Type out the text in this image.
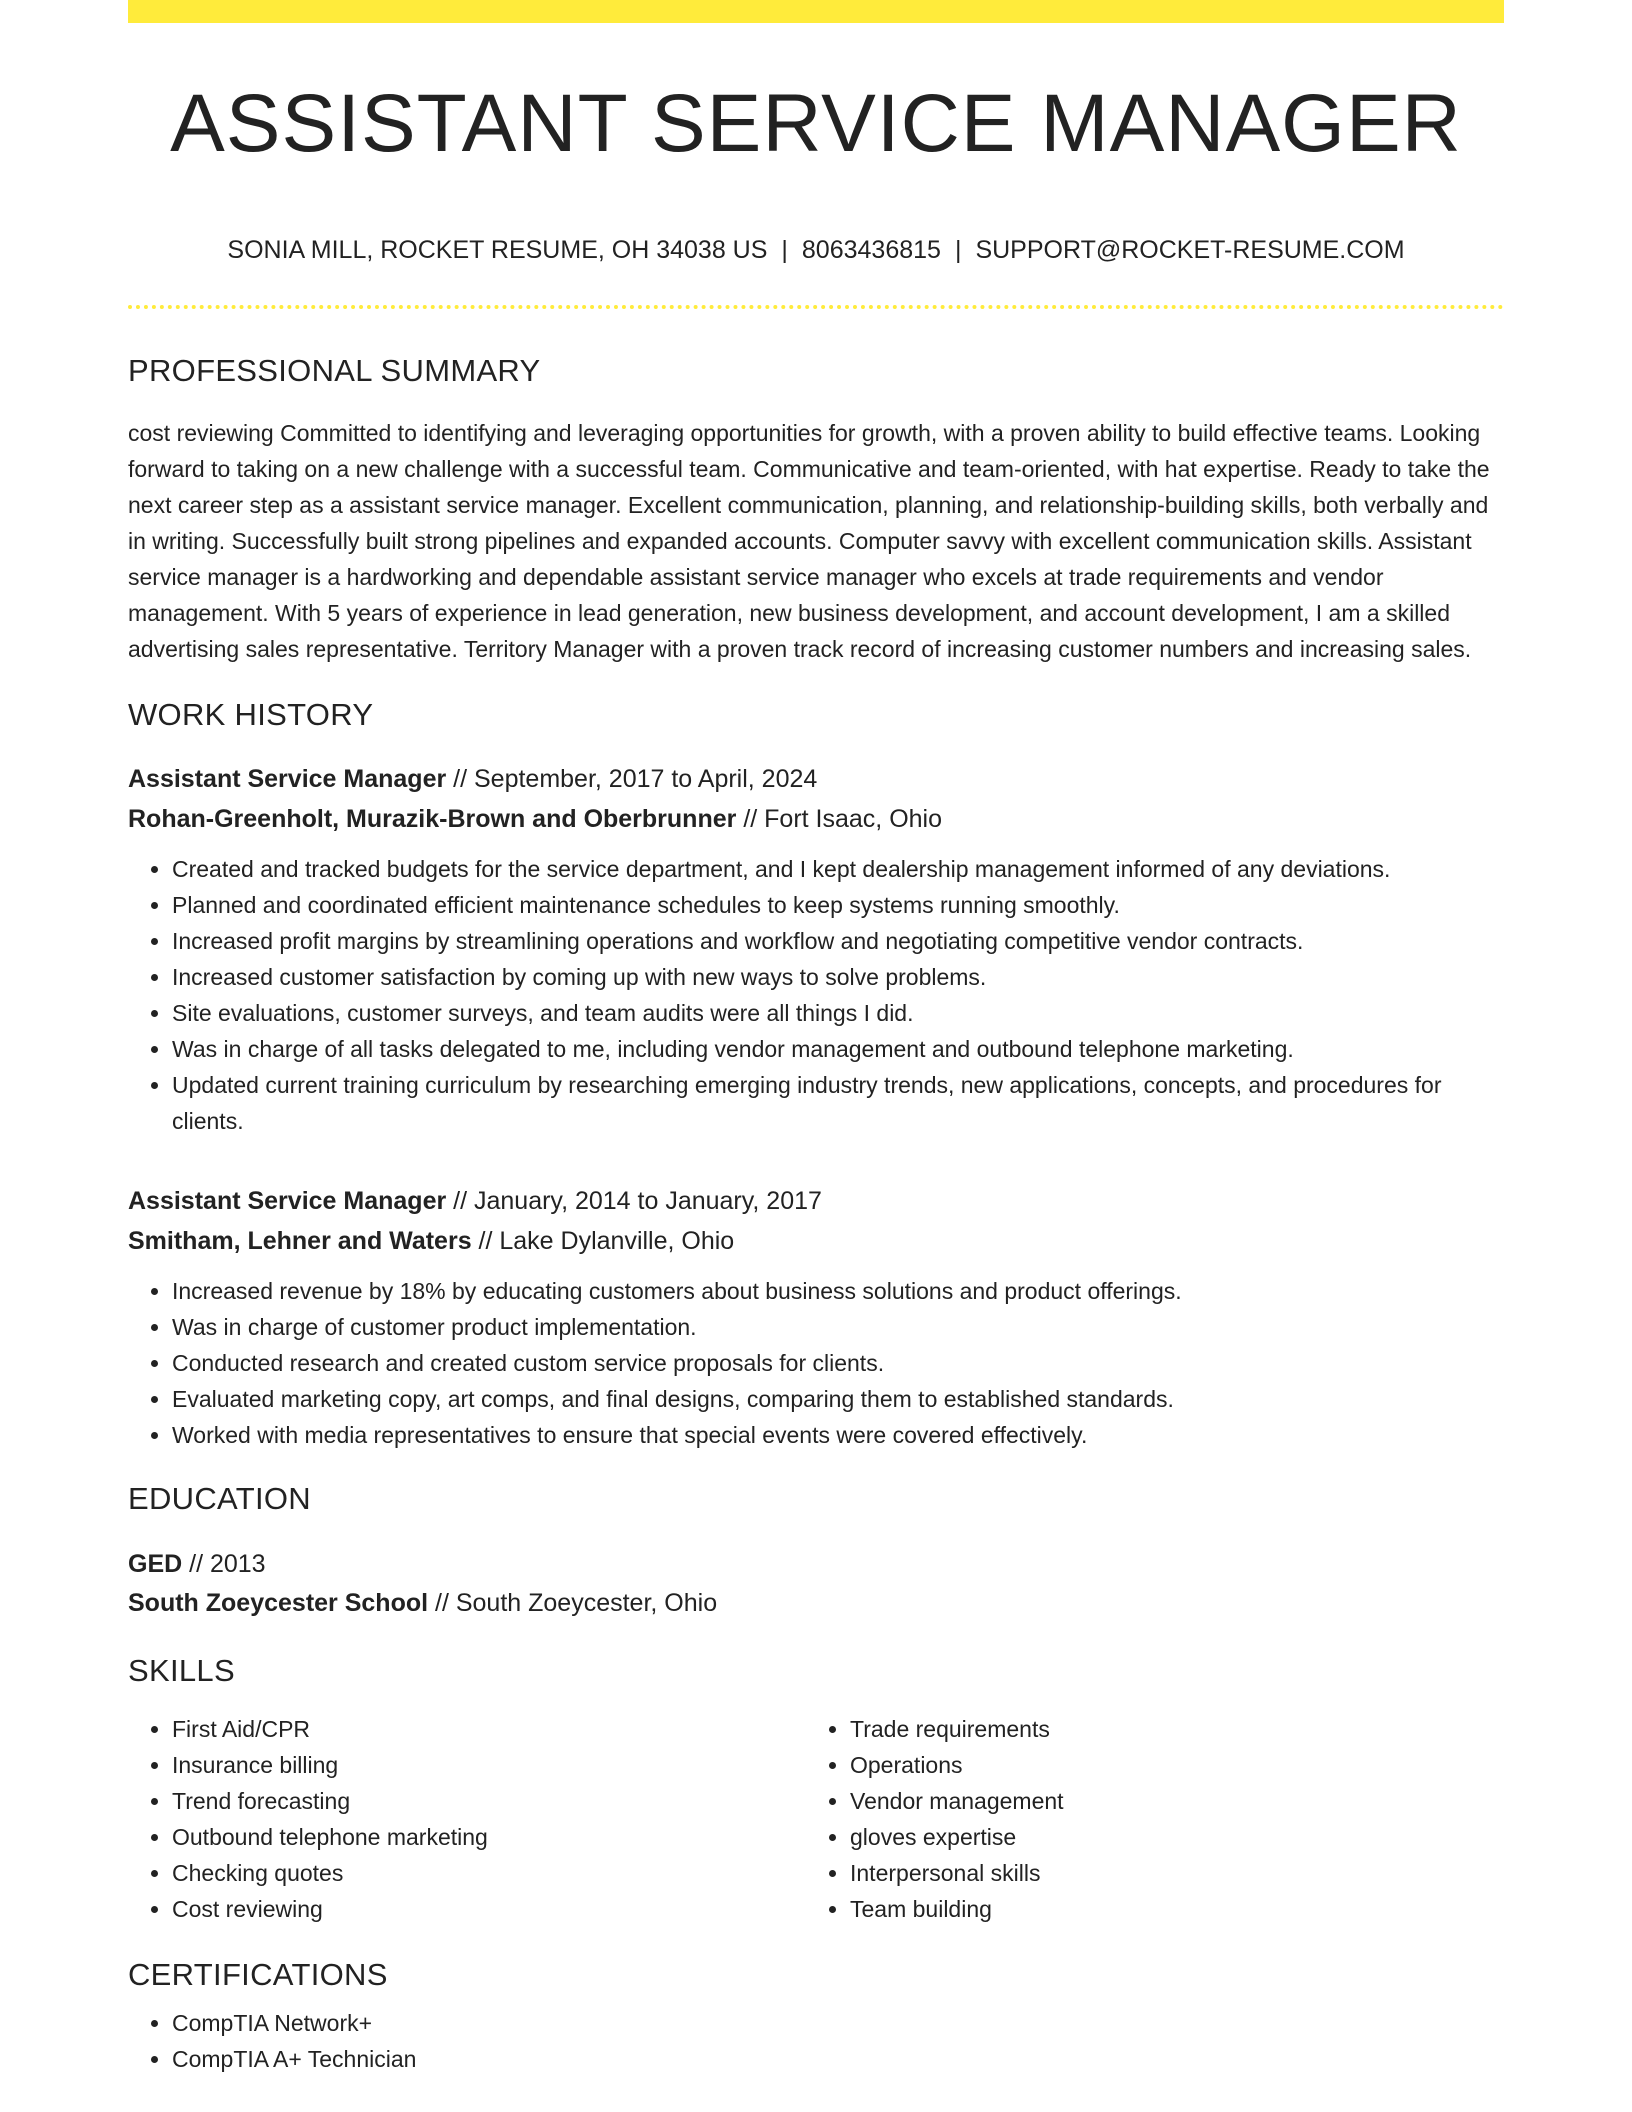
ASSISTANT SERVICE MANAGER
SONIA MILL, ROCKET RESUME, OH 34038 US | 8063436815 | SUPPORT@ROCKET-RESUME.COM
PROFESSIONAL SUMMARY
cost reviewing Committed to identifying and leveraging opportunities for growth, with a proven ability to build effective teams. Looking forward to taking on a new challenge with a successful team. Communicative and team-oriented, with hat expertise. Ready to take the next career step as a assistant service manager. Excellent communication, planning, and relationship-building skills, both verbally and in writing. Successfully built strong pipelines and expanded accounts. Computer savvy with excellent communication skills. Assistant service manager is a hardworking and dependable assistant service manager who excels at trade requirements and vendor management. With 5 years of experience in lead generation, new business development, and account development, I am a skilled advertising sales representative. Territory Manager with a proven track record of increasing customer numbers and increasing sales.
WORK HISTORY
Assistant Service Manager // September, 2017 to April, 2024
Rohan-Greenholt, Murazik-Brown and Oberbrunner // Fort Isaac, Ohio
• Created and tracked budgets for the service department, and I kept dealership management informed of any deviations.
• Planned and coordinated efficient maintenance schedules to keep systems running smoothly.
• Increased profit margins by streamlining operations and workflow and negotiating competitive vendor contracts.
• Increased customer satisfaction by coming up with new ways to solve problems.
• Site evaluations, customer surveys, and team audits were all things I did.
• Was in charge of all tasks delegated to me, including vendor management and outbound telephone marketing.
• Updated current training curriculum by researching emerging industry trends, new applications, concepts, and procedures for clients.
Assistant Service Manager // January, 2014 to January, 2017
Smitham, Lehner and Waters // Lake Dylanville, Ohio
• Increased revenue by 18% by educating customers about business solutions and product offerings.
• Was in charge of customer product implementation.
• Conducted research and created custom service proposals for clients.
• Evaluated marketing copy, art comps, and final designs, comparing them to established standards.
• Worked with media representatives to ensure that special events were covered effectively.
EDUCATION
GED // 2013
South Zoeycester School // South Zoeycester, Ohio
SKILLS
• First Aid/CPR
• Insurance billing
• Trend forecasting
• Outbound telephone marketing
• Checking quotes
• Cost reviewing
• Trade requirements
• Operations
• Vendor management
• gloves expertise
• Interpersonal skills
• Team building
CERTIFICATIONS
• CompTIA Network+
• CompTIA A+ Technician
